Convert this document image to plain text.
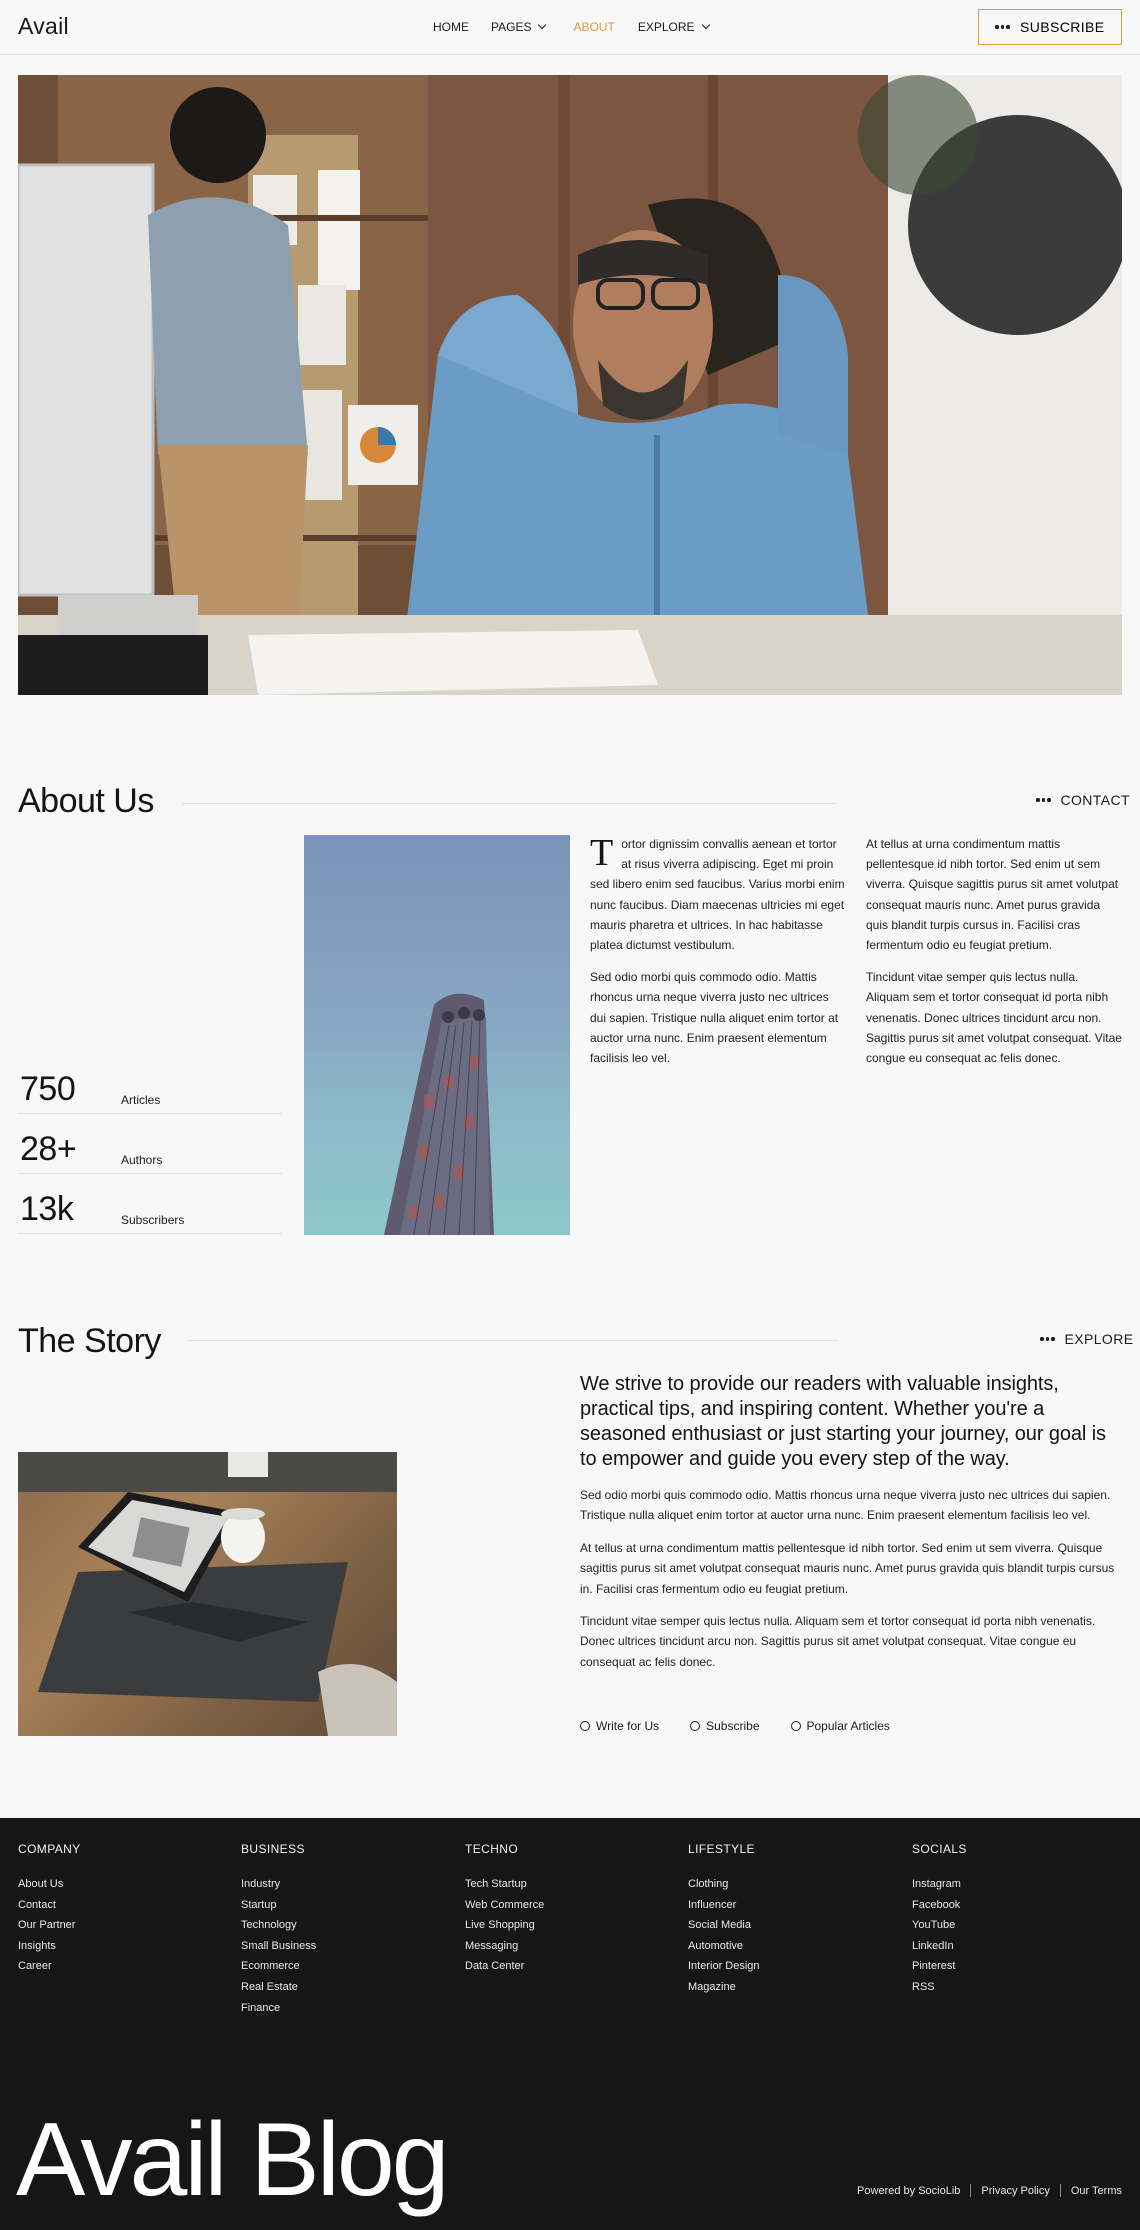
Avail	HOME PAGES	ABOUT EXPLORE	SUBSCRIBE
About Us	CONTACT
750	Articles
28+	Authors
13k	Subscribers

Tortor dignissim convallis aenean et tortor at risus viverra adipiscing. Eget mi proin sed libero enim sed faucibus. Varius morbi enim nunc faucibus. Diam maecenas ultricies mi eget mauris pharetra et ultrices. In hac habitasse platea dictumst vestibulum.

Sed odio morbi quis commodo odio. Mattis rhoncus urna neque viverra justo nec ultrices dui sapien. Tristique nulla aliquet enim tortor at auctor urna nunc. Enim praesent elementum facilisis leo vel.

At tellus at urna condimentum mattis pellentesque id nibh tortor. Sed enim ut sem viverra. Quisque sagittis purus sit amet volutpat consequat mauris nunc. Amet purus gravida quis blandit turpis cursus in. Facilisi cras fermentum odio eu feugiat pretium.

Tincidunt vitae semper quis lectus nulla. Aliquam sem et tortor consequat id porta nibh venenatis. Donec ultrices tincidunt arcu non. Sagittis purus sit amet volutpat consequat. Vitae congue eu consequat ac felis donec.

The Story	EXPLORE
We strive to provide our readers with valuable insights, practical tips, and inspiring content. Whether you're a seasoned enthusiast or just starting your journey, our goal is to empower and guide you every step of the way.

Sed odio morbi quis commodo odio. Mattis rhoncus urna neque viverra justo nec ultrices dui sapien. Tristique nulla aliquet enim tortor at auctor urna nunc. Enim praesent elementum facilisis leo vel.

At tellus at urna condimentum mattis pellentesque id nibh tortor. Sed enim ut sem viverra. Quisque sagittis purus sit amet volutpat consequat mauris nunc. Amet purus gravida quis blandit turpis cursus in. Facilisi cras fermentum odio eu feugiat pretium.

Tincidunt vitae semper quis lectus nulla. Aliquam sem et tortor consequat id porta nibh venenatis. Donec ultrices tincidunt arcu non. Sagittis purus sit amet volutpat consequat. Vitae congue eu consequat ac felis donec.

Write for Us	Subscribe	Popular Articles
COMPANY
About Us
Contact
Our Partner
Insights
Career
BUSINESS
Industry
Startup
Technology
Small Business
Ecommerce
Real Estate
Finance
TECHNO
Tech Startup
Web Commerce
Live Shopping
Messaging
Data Center
LIFESTYLE
Clothing
Influencer
Social Media
Automotive
Interior Design
Magazine
SOCIALS
Instagram
Facebook
YouTube
LinkedIn
Pinterest
RSS
Avail Blog	Powered by SocioLib Privacy Policy Our Terms
